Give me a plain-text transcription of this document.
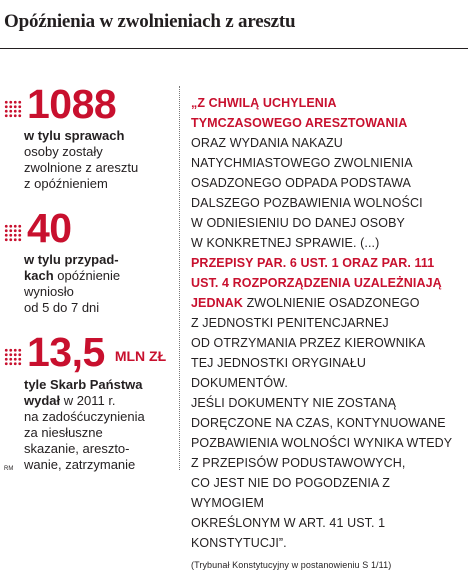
Opóźnienia w zwolnieniach z aresztu
1088
w tylu sprawach
osoby zostały
zwolnione z aresztu
z opóźnieniem
40
w tylu przypad-
kach opóźnienie
wyniosło
od 5 do 7 dni
13,5 MLN ZŁ
tyle Skarb Państwa
wydał w 2011 r.
na zadośćuczynienia
za niesłuszne
skazanie, areszto-
wanie, zatrzymanie
RM
„Z CHWILĄ UCHYLENIA
TYMCZASOWEGO ARESZTOWANIA
ORAZ WYDANIA NAKAZU
NATYCHMIASTOWEGO ZWOLNIENIA
OSADZONEGO ODPADA PODSTAWA
DALSZEGO POZBAWIENIA WOLNOŚCI
W ODNIESIENIU DO DANEJ OSOBY
W KONKRETNEJ SPRAWIE. (...)
PRZEPISY PAR. 6 UST. 1 ORAZ PAR. 111
UST. 4 ROZPORZĄDZENIA UZALEŻNIAJĄ
JEDNAK ZWOLNIENIE OSADZONEGO
Z JEDNOSTKI PENITENCJARNEJ
OD OTRZYMANIA PRZEZ KIEROWNIKA
TEJ JEDNOSTKI ORYGINAŁU DOKUMENTÓW.
JEŚLI DOKUMENTY NIE ZOSTANĄ
DORĘCZONE NA CZAS, KONTYNUOWANE
POZBAWIENIA WOLNOŚCI WYNIKA WTEDY
Z PRZEPISÓW PODUSTAWOWYCH,
CO JEST NIE DO POGODZENIA Z WYMOGIEM
OKREŚLONYM W ART. 41 UST. 1 KONSTYTUCJI”.
(Trybunał Konstytucyjny w postanowieniu S 1/11)
